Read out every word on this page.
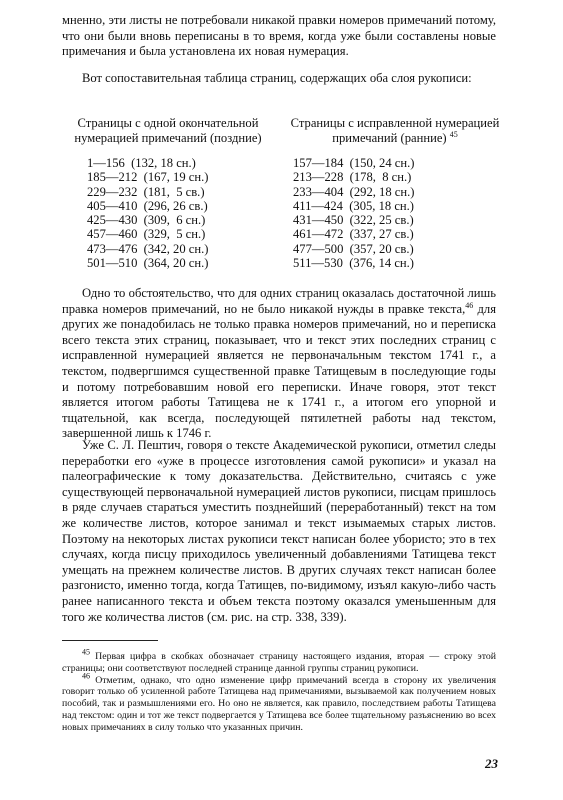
мненно, эти листы не потребовали никакой правки номеров примечаний потому, что они были вновь переписаны в то время, когда уже были составлены новые примечания и была установлена их новая нумерация.

Вот сопоставительная таблица страниц, содержащих оба слоя рукописи:

Страницы с одной окончательной нумерацией примечаний (поздние)
Страницы с исправленной нумерацией примечаний (ранние) $^{45}$
1—156  (132, 18 сн.)
185—212  (167, 19 сн.)
229—232  (181,  5 св.)
405—410  (296, 26 св.)
425—430  (309,  6 сн.)
457—460  (329,  5 сн.)
473—476  (342, 20 сн.)
501—510  (364, 20 сн.)
157—184  (150, 24 сн.)
213—228  (178,  8 сн.)
233—404  (292, 18 сн.)
411—424  (305, 18 сн.)
431—450  (322, 25 св.)
461—472  (337, 27 св.)
477—500  (357, 20 св.)
511—530  (376, 14 сн.)

Одно то обстоятельство, что для одних страниц оказалась достаточной лишь правка номеров примечаний, но не было никакой нужды в правке текста,$^{46}$ для других же понадобилась не только правка номеров примечаний, но и переписка всего текста этих страниц, показывает, что и текст этих последних страниц с исправленной нумерацией является не первоначальным текстом 1741 г., а текстом, подвергшимся существенной правке Татищевым в последующие годы и потому потребовавшим новой его переписки. Иначе говоря, этот текст является итогом работы Татищева не к 1741 г., а итогом его упорной и тщательной, как всегда, последующей пятилетней работы над текстом, завершенной лишь к 1746 г.

Уже С. Л. Пештич, говоря о тексте Академической рукописи, отметил следы переработки его «уже в процессе изготовления самой рукописи» и указал на палеографические к тому доказательства. Действительно, считаясь с уже существующей первоначальной нумерацией листов рукописи, писцам пришлось в ряде случаев стараться уместить позднейший (переработанный) текст на том же количестве листов, которое занимал и текст изымаемых старых листов. Поэтому на некоторых листах рукописи текст написан более убористо; это в тех случаях, когда писцу приходилось увеличенный добавлениями Татищева текст умещать на прежнем количестве листов. В других случаях текст написан более разгонисто, именно тогда, когда Татищев, по-видимому, изъял какую-либо часть ранее написанного текста и объем текста поэтому оказался уменьшенным для того же количества листов (см. рис. на стр. 338, 339).

$^{45}$ Первая цифра в скобках обозначает страницу настоящего издания, вторая — строку этой страницы; они соответствуют последней странице данной группы страниц рукописи.

$^{46}$ Отметим, однако, что одно изменение цифр примечаний всегда в сторону их увеличения говорит только об усиленной работе Татищева над примечаниями, вызываемой как получением новых пособий, так и размышлениями его. Но оно не является, как правило, последствием работы Татищева над текстом: один и тот же текст подвергается у Татищева все более тщательному разъяснению во всех новых примечаниях в силу только что указанных причин.

23
